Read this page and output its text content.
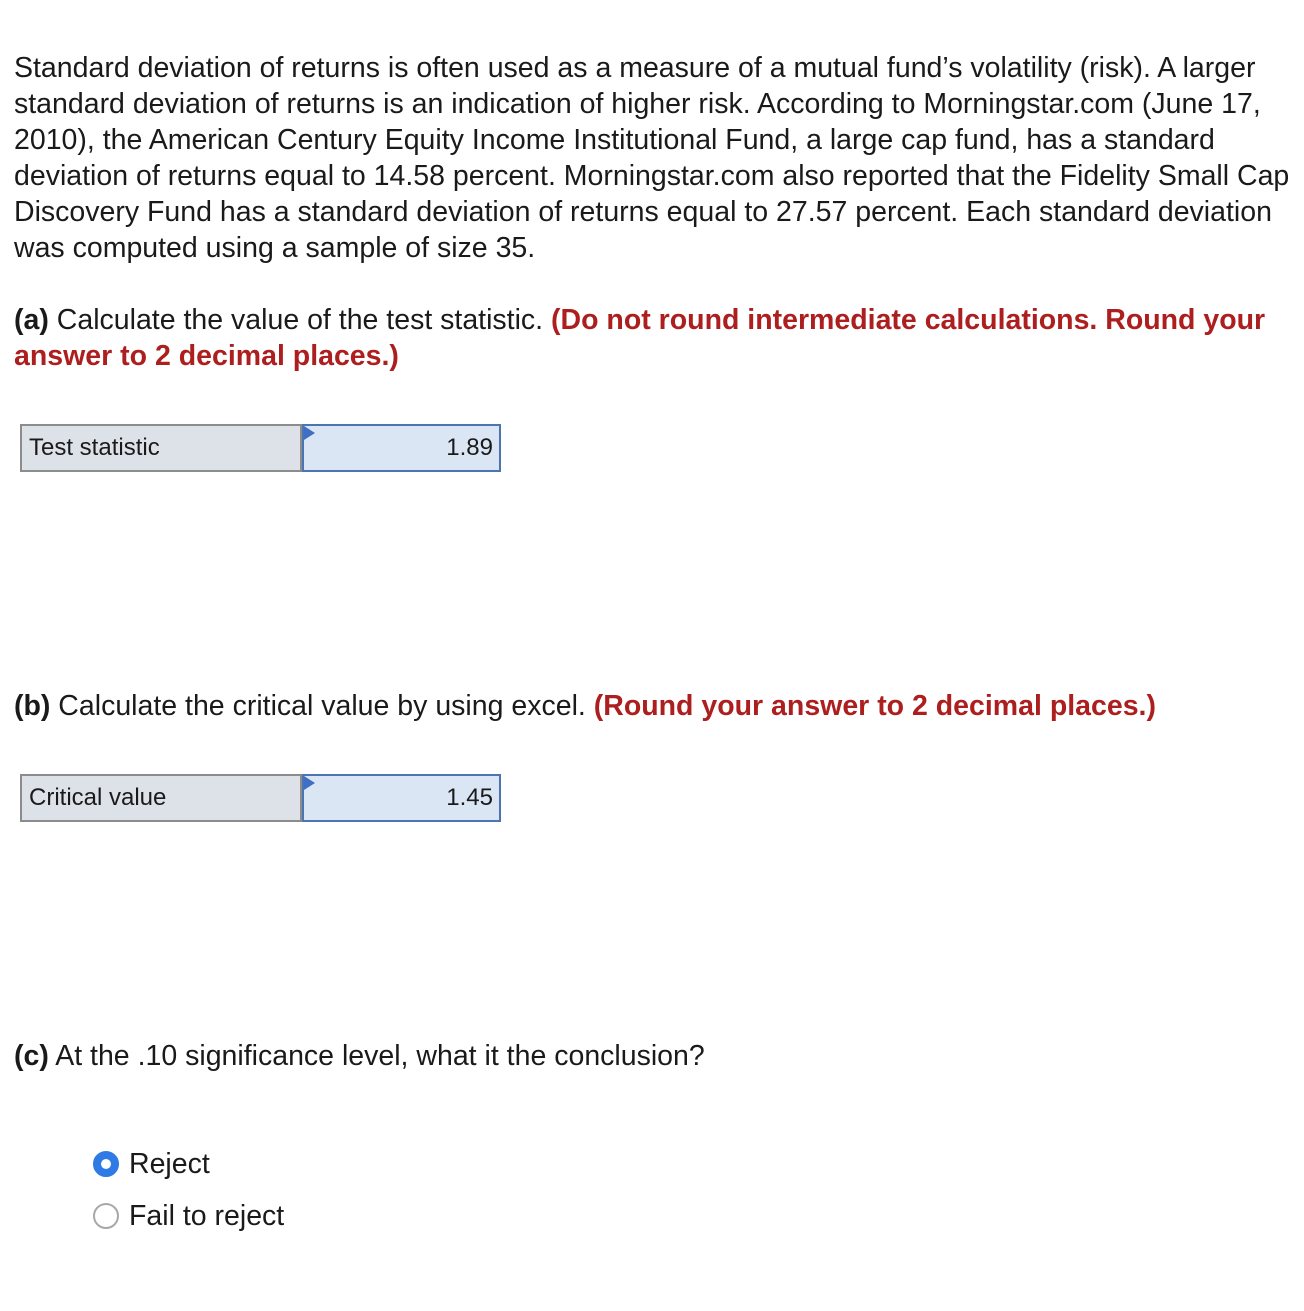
Standard deviation of returns is often used as a measure of a mutual fund’s volatility (risk). A larger standard deviation of returns is an indication of higher risk. According to Morningstar.com (June 17, 2010), the American Century Equity Income Institutional Fund, a large cap fund, has a standard deviation of returns equal to 14.58 percent. Morningstar.com also reported that the Fidelity Small Cap Discovery Fund has a standard deviation of returns equal to 27.57 percent. Each standard deviation was computed using a sample of size 35.

(a) Calculate the value of the test statistic. (Do not round intermediate calculations. Round your answer to 2 decimal places.)

Test statistic
1.89

(b) Calculate the critical value by using excel. (Round your answer to 2 decimal places.)

Critical value
1.45

(c) At the .10 significance level, what it the conclusion?

Reject
Fail to reject
